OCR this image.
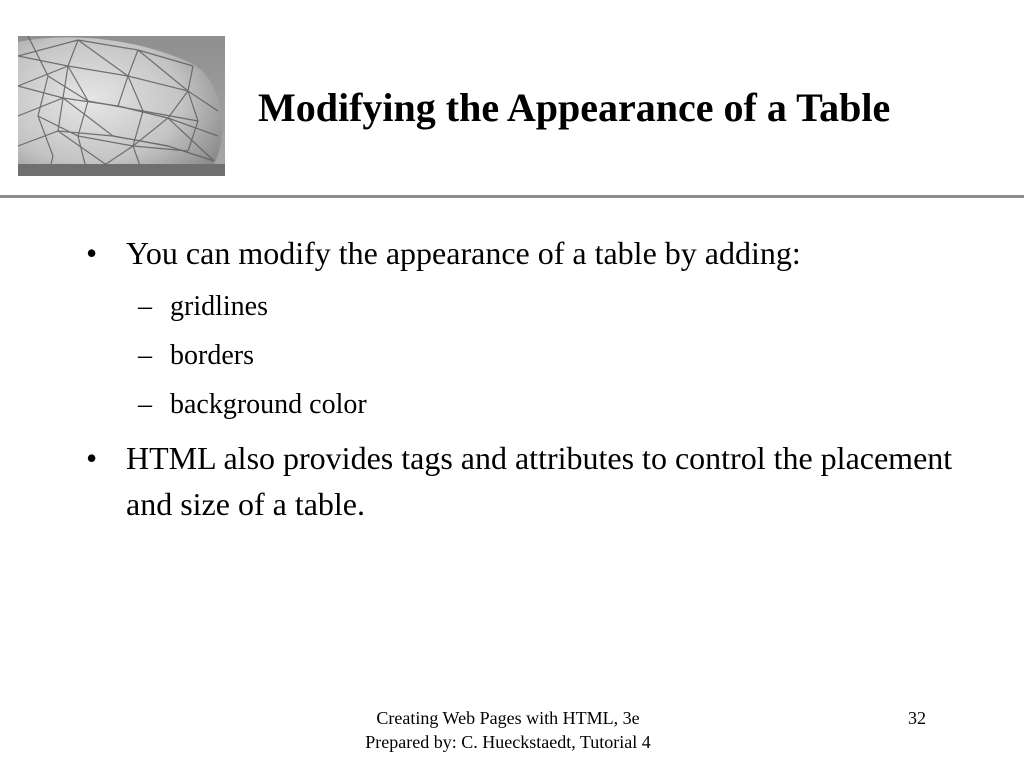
Modifying the Appearance of a Table
• You can modify the appearance of a table by adding:
– gridlines
– borders
– background color
• HTML also provides tags and attributes to control the placement and size of a table.
Creating Web Pages with HTML, 3e
Prepared by: C. Hueckstaedt, Tutorial 4
32
